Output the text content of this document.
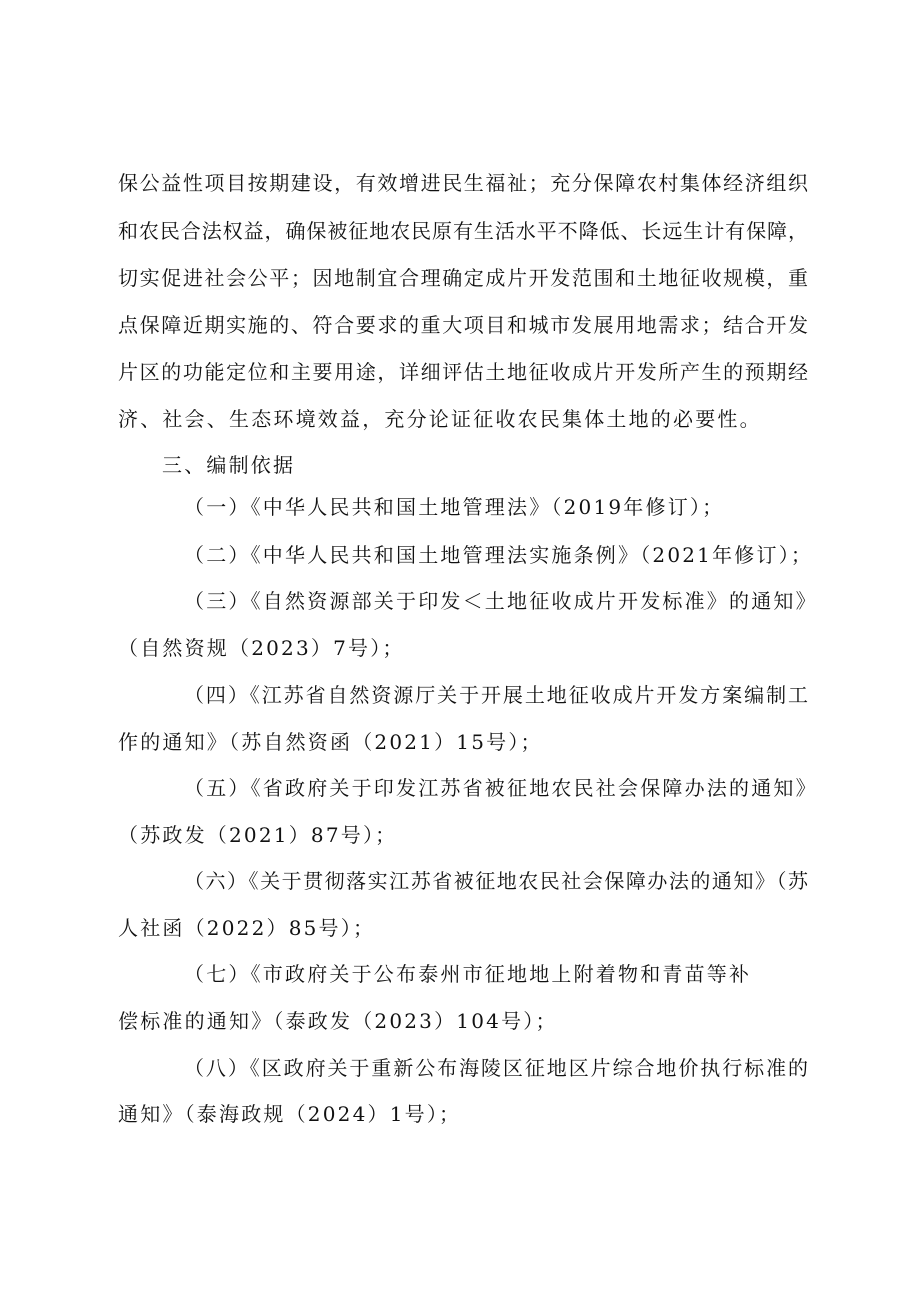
保公益性项目按期建设，有效增进民生福祉；充分保障农村集体经济组织
和农民合法权益，确保被征地农民原有生活水平不降低、长远生计有保障，
切实促进社会公平；因地制宜合理确定成片开发范围和土地征收规模，重
点保障近期实施的、符合要求的重大项目和城市发展用地需求；结合开发
片区的功能定位和主要用途，详细评估土地征收成片开发所产生的预期经
济、社会、生态环境效益，充分论证征收农民集体土地的必要性。
三、编制依据
（一）《中华人民共和国土地管理法》（2019年修订）；
（二）《中华人民共和国土地管理法实施条例》（2021年修订）；
（三）《自然资源部关于印发＜土地征收成片开发标准》的通知》
（自然资规（2023）7号）；
（四）《江苏省自然资源厅关于开展土地征收成片开发方案编制工
作的通知》（苏自然资函（2021）15号）；
（五）《省政府关于印发江苏省被征地农民社会保障办法的通知》
（苏政发（2021）87号）；
（六）《关于贯彻落实江苏省被征地农民社会保障办法的通知》（苏
人社函（2022）85号）；
（七）《市政府关于公布泰州市征地地上附着物和青苗等补
偿标准的通知》（泰政发（2023）104号）；
（八）《区政府关于重新公布海陵区征地区片综合地价执行标准的
通知》（泰海政规（2024）1号）；
